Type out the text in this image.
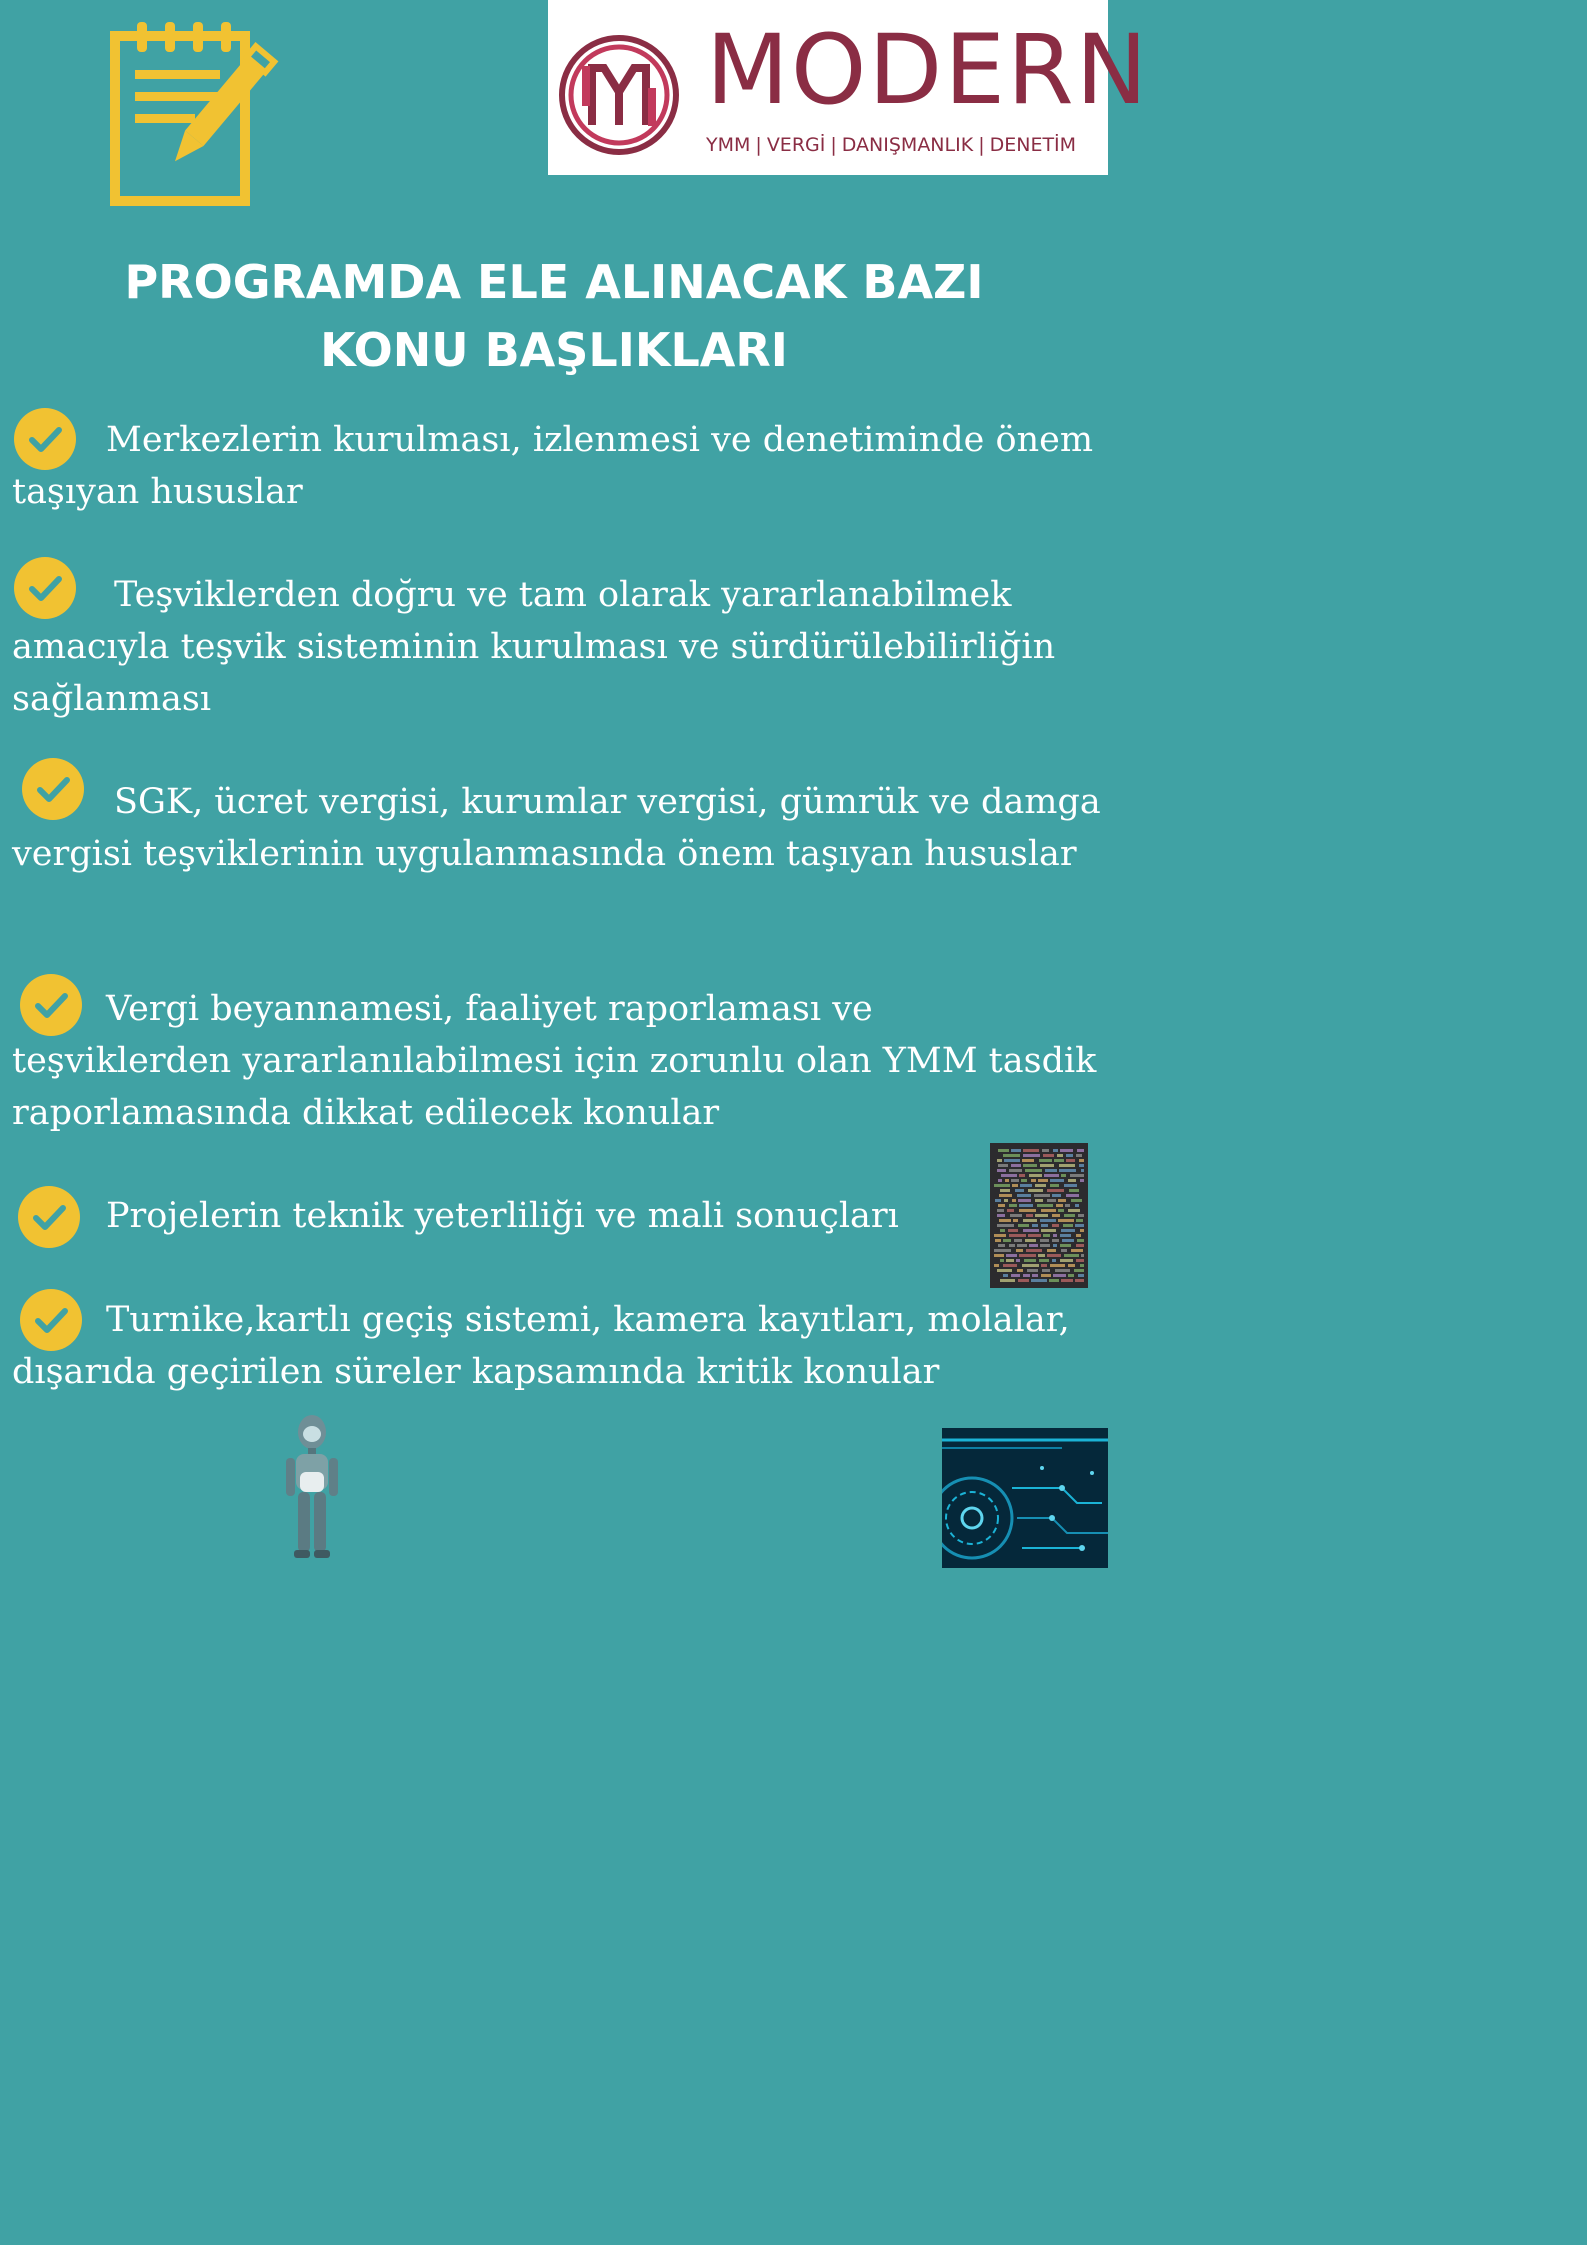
MODERN
YMM | VERGİ | DANIŞMANLIK | DENETİM
PROGRAMDA ELE ALINACAK BAZI
KONU BAŞLIKLARI

Merkezlerin kurulması, izlenmesi ve denetiminde önem taşıyan hususlar

Teşviklerden doğru ve tam olarak yararlanabilmek amacıyla teşvik sisteminin kurulması ve sürdürülebilirliğin sağlanması

SGK, ücret vergisi, kurumlar vergisi, gümrük ve damga vergisi teşviklerinin uygulanmasında önem taşıyan hususlar

Vergi beyannamesi, faaliyet raporlaması ve teşviklerden yararlanılabilmesi için zorunlu olan YMM tasdik raporlamasında dikkat edilecek konular

Projelerin teknik yeterliliği ve mali sonuçları

Turnike,kartlı geçiş sistemi, kamera kayıtları, molalar, dışarıda geçirilen süreler kapsamında kritik konular
